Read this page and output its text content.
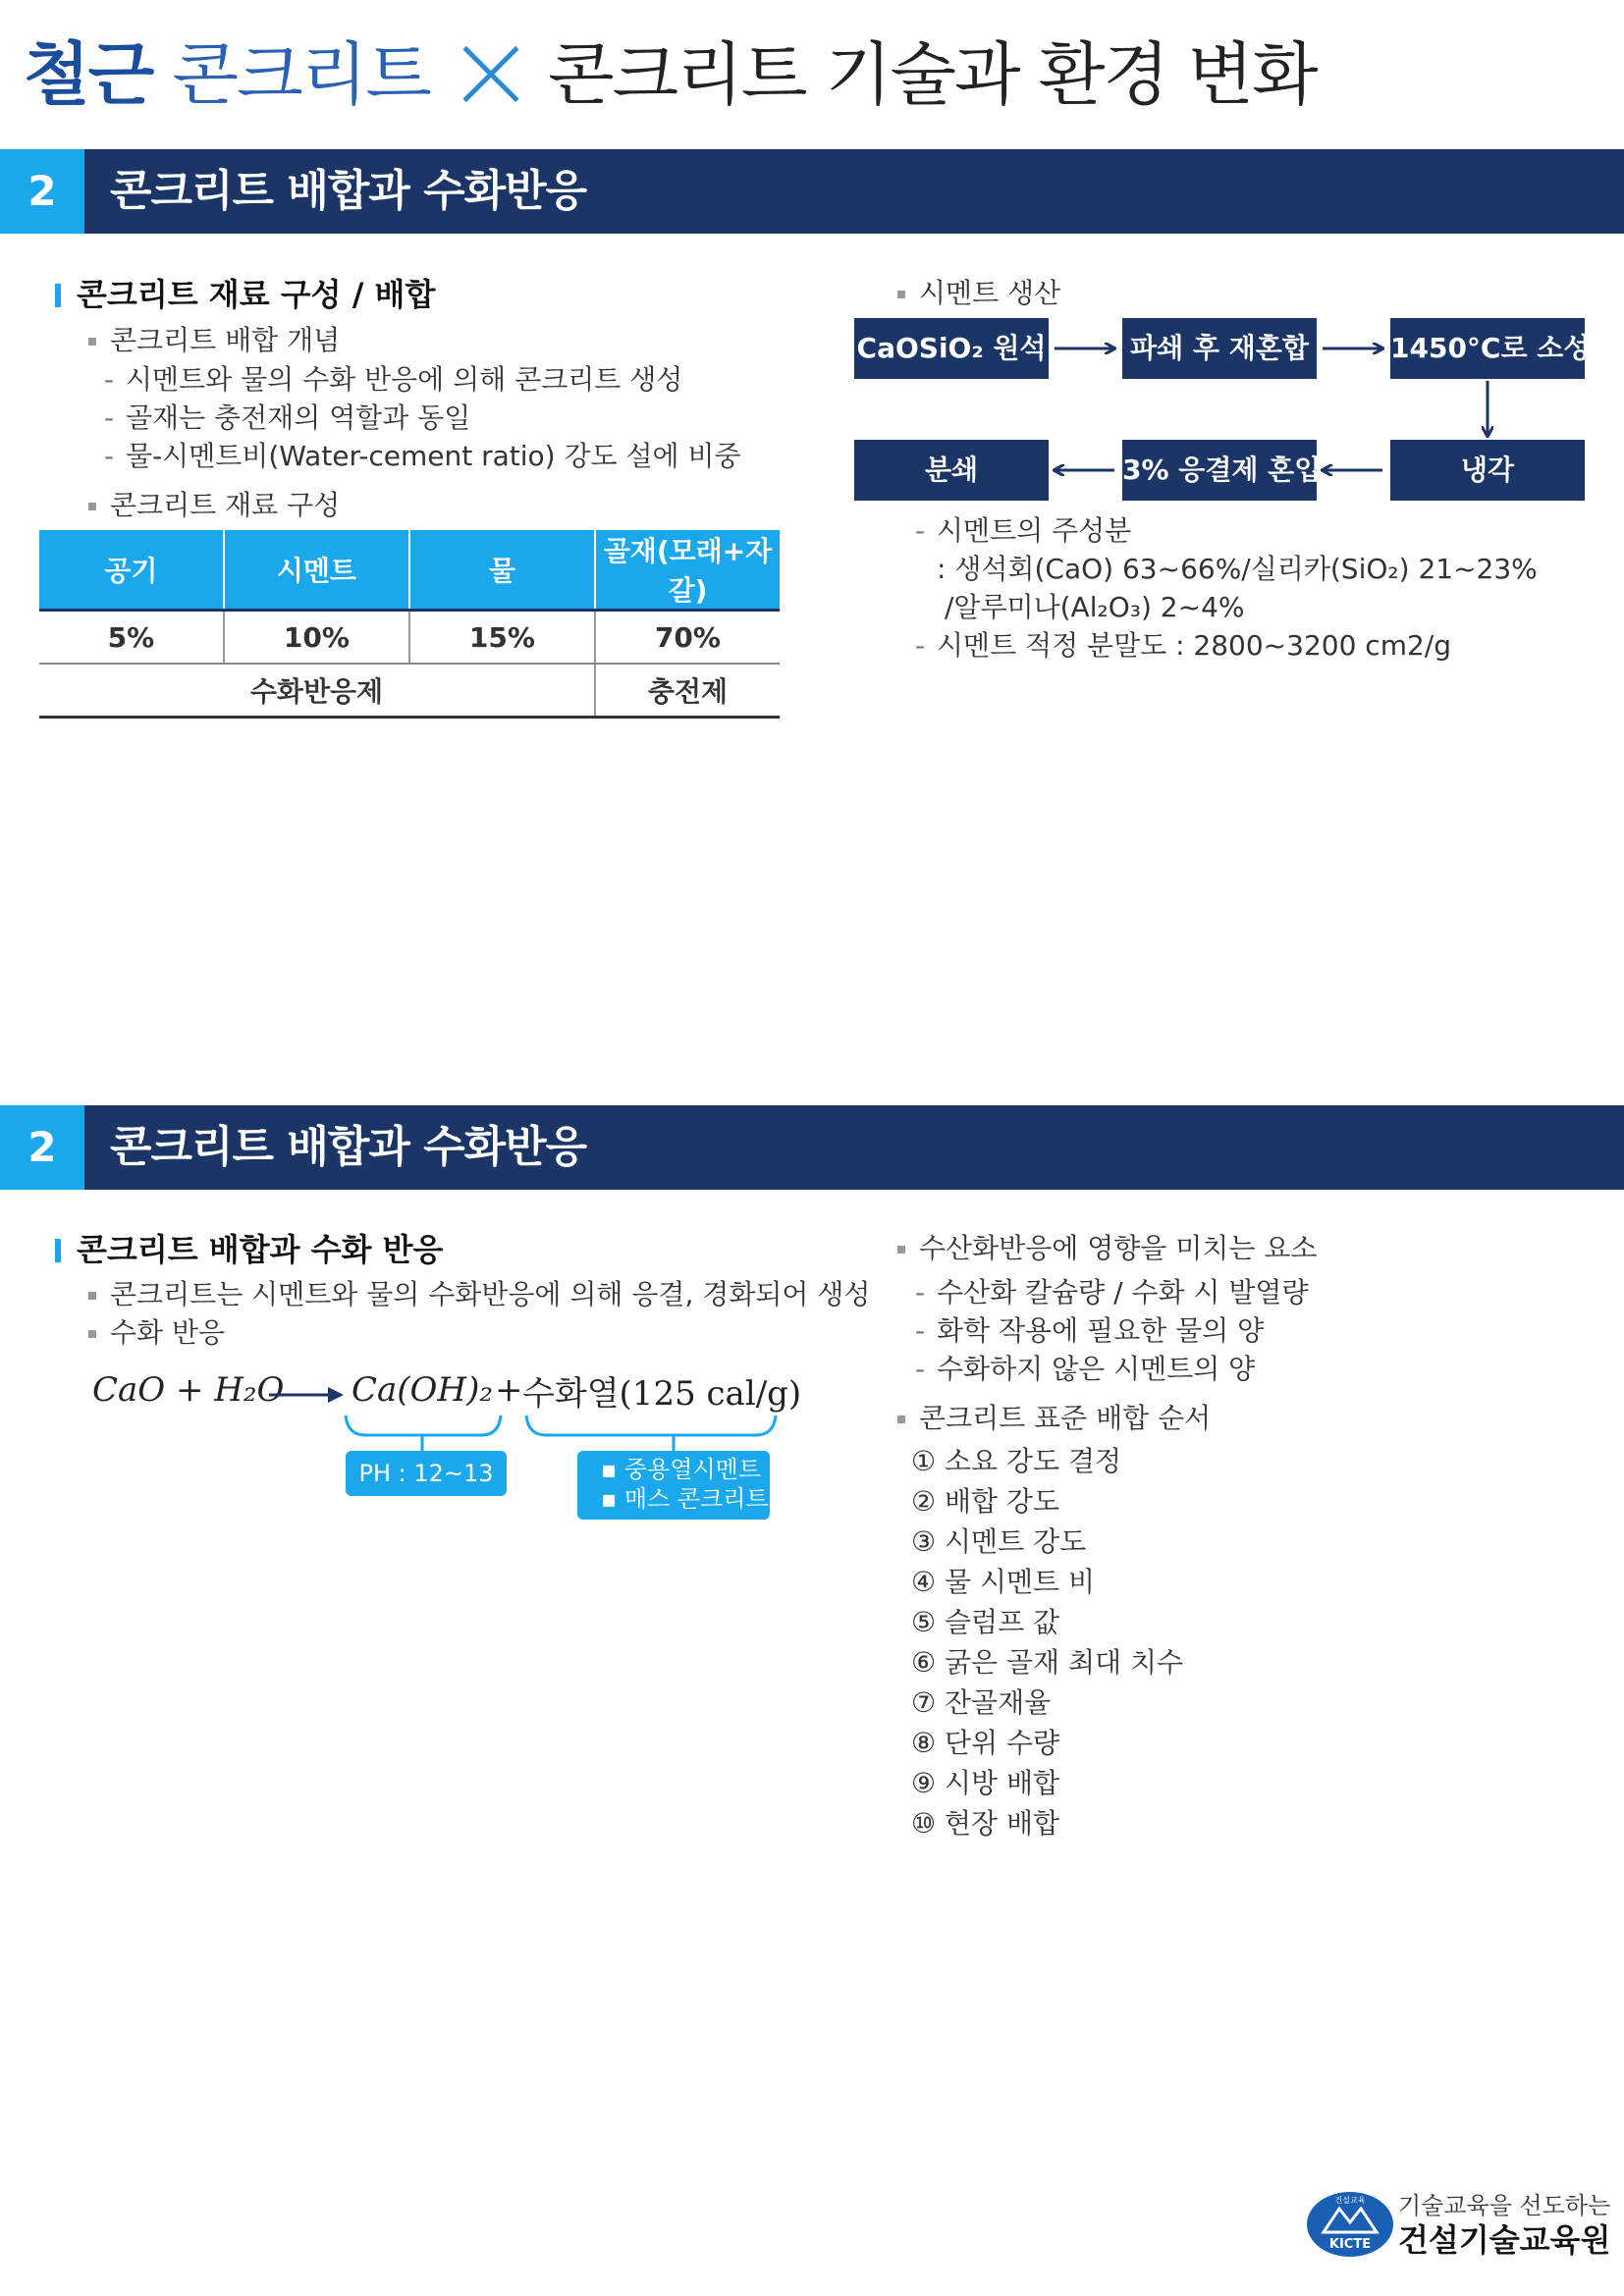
철근 콘크리트 콘크리트 기술과 환경 변화
2	콘크리트 배합과 수화반응
콘크리트 재료 구성 / 배합
콘크리트 배합 개념
- 시멘트와 물의 수화 반응에 의해 콘크리트 생성
- 골재는 충전재의 역할과 동일
- 물-시멘트비(Water-cement ratio) 강도 설에 비중
콘크리트 재료 구성
공기	시멘트	물	골재(모래+자갈)
5%	10%	15%	70%
수화반응제			충전제
시멘트 생산
CaOSiO₂ 원석	파쇄 후 재혼합	1450°C로 소성
냉각
3% 응결제 혼입
분쇄
- 시멘트의 주성분
: 생석회(CaO) 63~66%/실리카(SiO₂) 21~23%
/알루미나(Al₂O₃) 2~4%
- 시멘트 적정 분말도 : 2800~3200 cm2/g
2	콘크리트 배합과 수화반응
콘크리트 배합과 수화 반응
콘크리트는 시멘트와 물의 수화반응에 의해 응결, 경화되어 생성
수화 반응
CaO + H₂O Ca(OH)₂ + 수화열(125 cal/g)
PH : 12~13	▪ 중용열시멘트
▪ 매스 콘크리트
수산화반응에 영향을 미치는 요소
- 수산화 칼슘량 / 수화 시 발열량
- 화학 작용에 필요한 물의 양
- 수화하지 않은 시멘트의 양
콘크리트 표준 배합 순서
① 소요 강도 결정
② 배합 강도
③ 시멘트 강도
④ 물 시멘트 비
⑤ 슬럼프 값
⑥ 굵은 골재 최대 치수
⑦ 잔골재율
⑧ 단위 수량
⑨ 시방 배합
⑩ 현장 배합
KICTE
건설교육 기술교육을 선도하는
건설기술교육원
